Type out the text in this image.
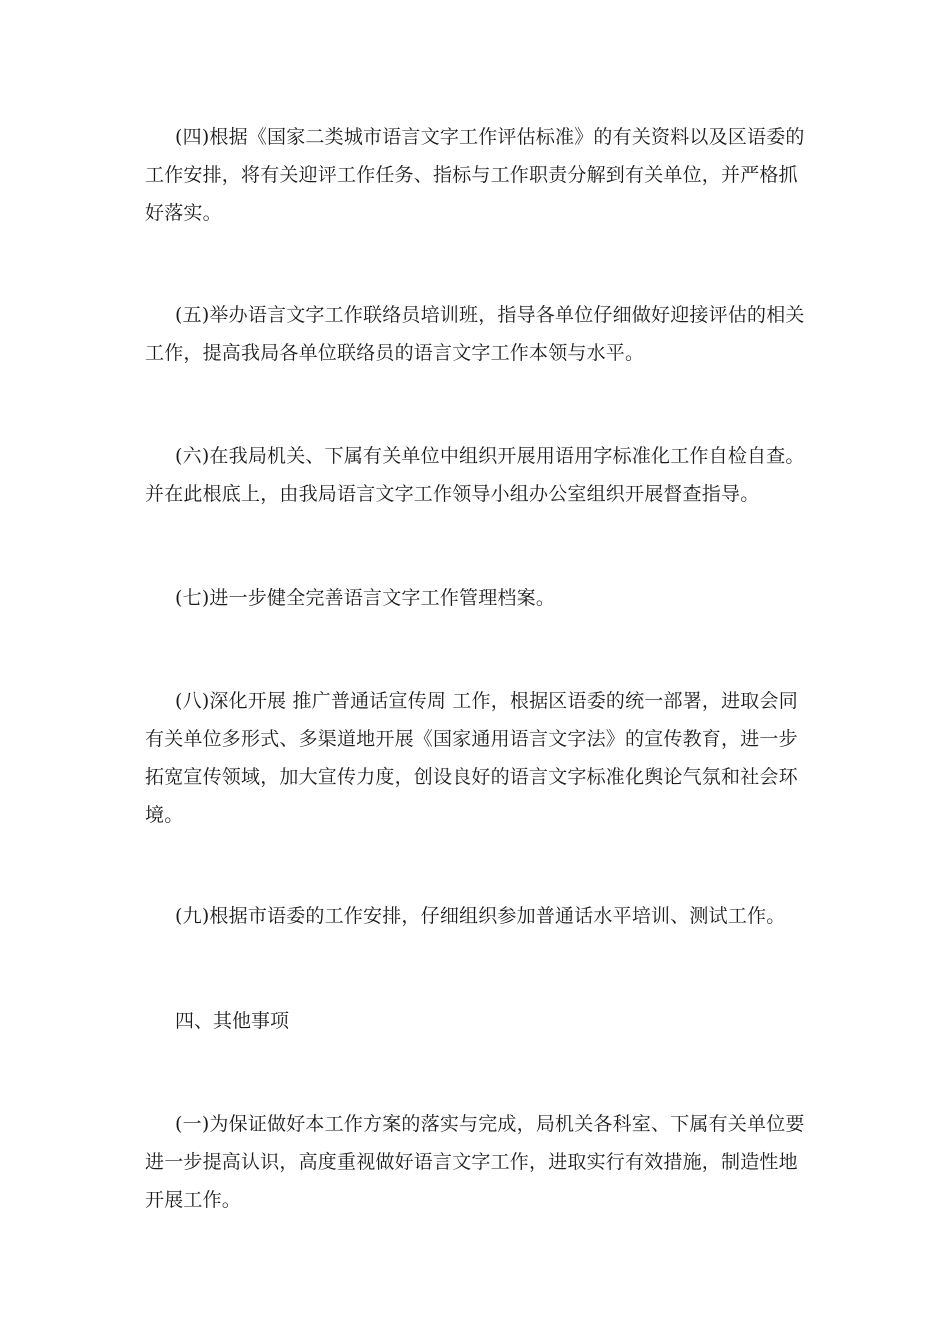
(四)根据《国家二类城市语言文字工作评估标准》的有关资料以及区语委的
工作安排，将有关迎评工作任务、指标与工作职责分解到有关单位，并严格抓
好落实。

(五)举办语言文字工作联络员培训班，指导各单位仔细做好迎接评估的相关
工作，提高我局各单位联络员的语言文字工作本领与水平。

(六)在我局机关、下属有关单位中组织开展用语用字标准化工作自检自查。
并在此根底上，由我局语言文字工作领导小组办公室组织开展督查指导。

(七)进一步健全完善语言文字工作管理档案。

(八)深化开展 推广普通话宣传周 工作，根据区语委的统一部署，进取会同
有关单位多形式、多渠道地开展《国家通用语言文字法》的宣传教育，进一步
拓宽宣传领域，加大宣传力度，创设良好的语言文字标准化舆论气氛和社会环
境。

(九)根据市语委的工作安排，仔细组织参加普通话水平培训、测试工作。

四、其他事项

(一)为保证做好本工作方案的落实与完成，局机关各科室、下属有关单位要
进一步提高认识，高度重视做好语言文字工作，进取实行有效措施，制造性地
开展工作。
